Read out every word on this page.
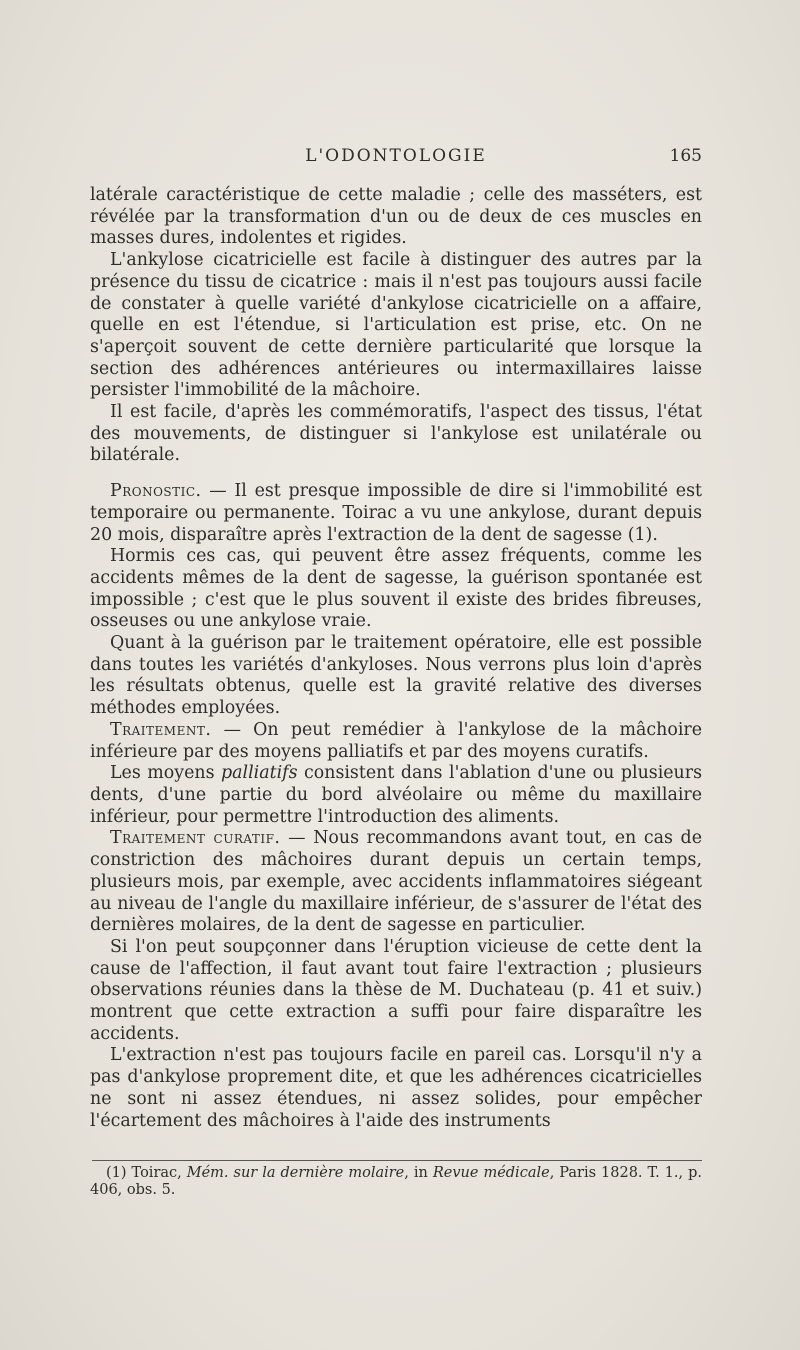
L'ODONTOLOGIE	165

latérale caractéristique de cette maladie ; celle des masséters, est révélée par la transformation d'un ou de deux de ces muscles en masses dures, indolentes et rigides.

L'ankylose cicatricielle est facile à distinguer des autres par la présence du tissu de cicatrice : mais il n'est pas toujours aussi facile de constater à quelle variété d'ankylose cicatricielle on a affaire, quelle en est l'étendue, si l'articulation est prise, etc. On ne s'aperçoit souvent de cette dernière particularité que lorsque la section des adhérences antérieures ou intermaxillaires laisse persister l'immobilité de la mâchoire.

Il est facile, d'après les commémoratifs, l'aspect des tissus, l'état des mouvements, de distinguer si l'ankylose est unilatérale ou bilatérale.

Pronostic. — Il est presque impossible de dire si l'immobilité est temporaire ou permanente. Toirac a vu une ankylose, durant depuis 20 mois, disparaître après l'extraction de la dent de sagesse (1).

Hormis ces cas, qui peuvent être assez fréquents, comme les accidents mêmes de la dent de sagesse, la guérison spontanée est impossible ; c'est que le plus souvent il existe des brides fibreuses, osseuses ou une ankylose vraie.

Quant à la guérison par le traitement opératoire, elle est possible dans toutes les variétés d'ankyloses. Nous verrons plus loin d'après les résultats obtenus, quelle est la gravité relative des diverses méthodes employées.

Traitement. — On peut remédier à l'ankylose de la mâchoire inférieure par des moyens palliatifs et par des moyens curatifs.

Les moyens palliatifs consistent dans l'ablation d'une ou plusieurs dents, d'une partie du bord alvéolaire ou même du maxillaire inférieur, pour permettre l'introduction des aliments.

Traitement curatif. — Nous recommandons avant tout, en cas de constriction des mâchoires durant depuis un certain temps, plusieurs mois, par exemple, avec accidents inflammatoires siégeant au niveau de l'angle du maxillaire inférieur, de s'assurer de l'état des dernières molaires, de la dent de sagesse en particulier.

Si l'on peut soupçonner dans l'éruption vicieuse de cette dent la cause de l'affection, il faut avant tout faire l'extraction ; plusieurs observations réunies dans la thèse de M. Duchateau (p. 41 et suiv.) montrent que cette extraction a suffi pour faire disparaître les accidents.

L'extraction n'est pas toujours facile en pareil cas. Lorsqu'il n'y a pas d'ankylose proprement dite, et que les adhérences cicatricielles ne sont ni assez étendues, ni assez solides, pour empêcher l'écartement des mâchoires à l'aide des instruments

(1) Toirac, Mém. sur la dernière molaire, in Revue médicale, Paris 1828. T. 1., p. 406, obs. 5.
